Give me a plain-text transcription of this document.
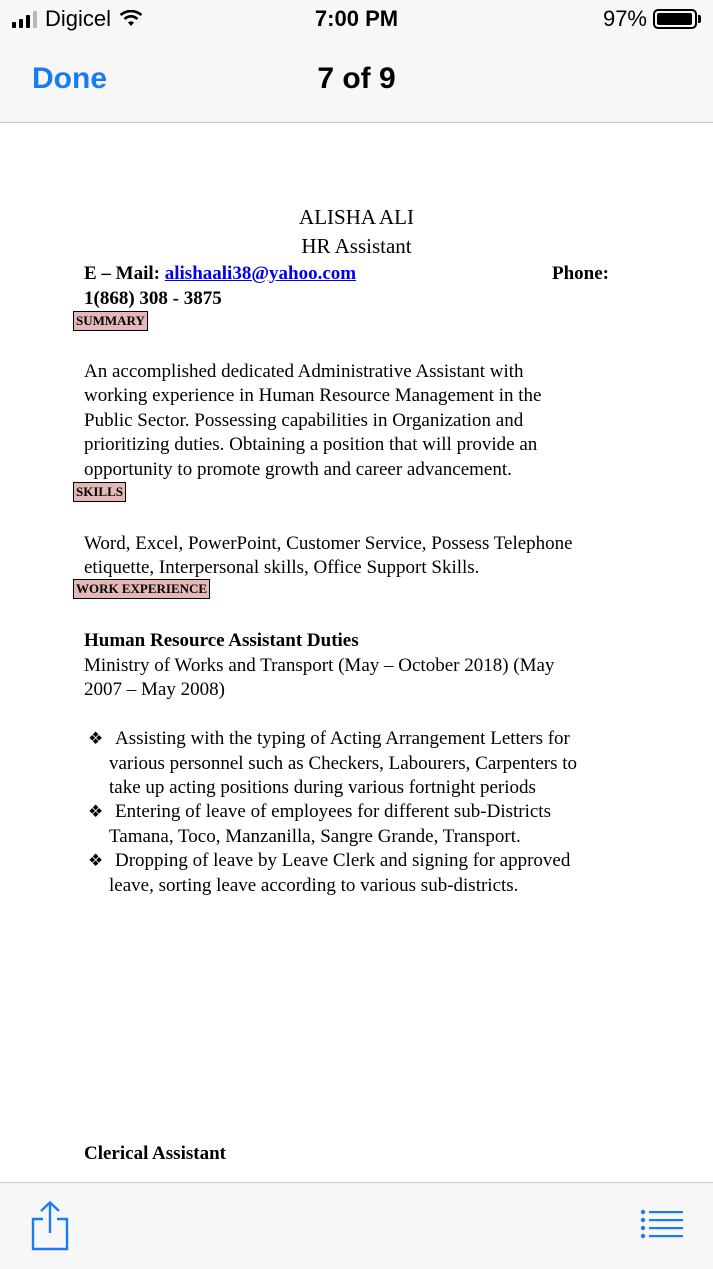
Digicel	7:00 PM	97%
Done	7 of 9
ALISHA ALI
HR Assistant
E – Mail: alishaali38@yahoo.com	Phone:
1(868) 308 - 3875
SUMMARY
An accomplished dedicated Administrative Assistant with
working experience in Human Resource Management in the
Public Sector. Possessing capabilities in Organization and
prioritizing duties. Obtaining a position that will provide an
opportunity to promote growth and career advancement.
SKILLS
Word, Excel, PowerPoint, Customer Service, Possess Telephone
etiquette, Interpersonal skills, Office Support Skills.
WORK EXPERIENCE
Human Resource Assistant Duties
Ministry of Works and Transport (May – October 2018) (May
2007 – May 2008)
❖ Assisting with the typing of Acting Arrangement Letters for
various personnel such as Checkers, Labourers, Carpenters to
take up acting positions during various fortnight periods
❖ Entering of leave of employees for different sub-Districts
Tamana, Toco, Manzanilla, Sangre Grande, Transport.
❖ Dropping of leave by Leave Clerk and signing for approved
leave, sorting leave according to various sub-districts.
Clerical Assistant
